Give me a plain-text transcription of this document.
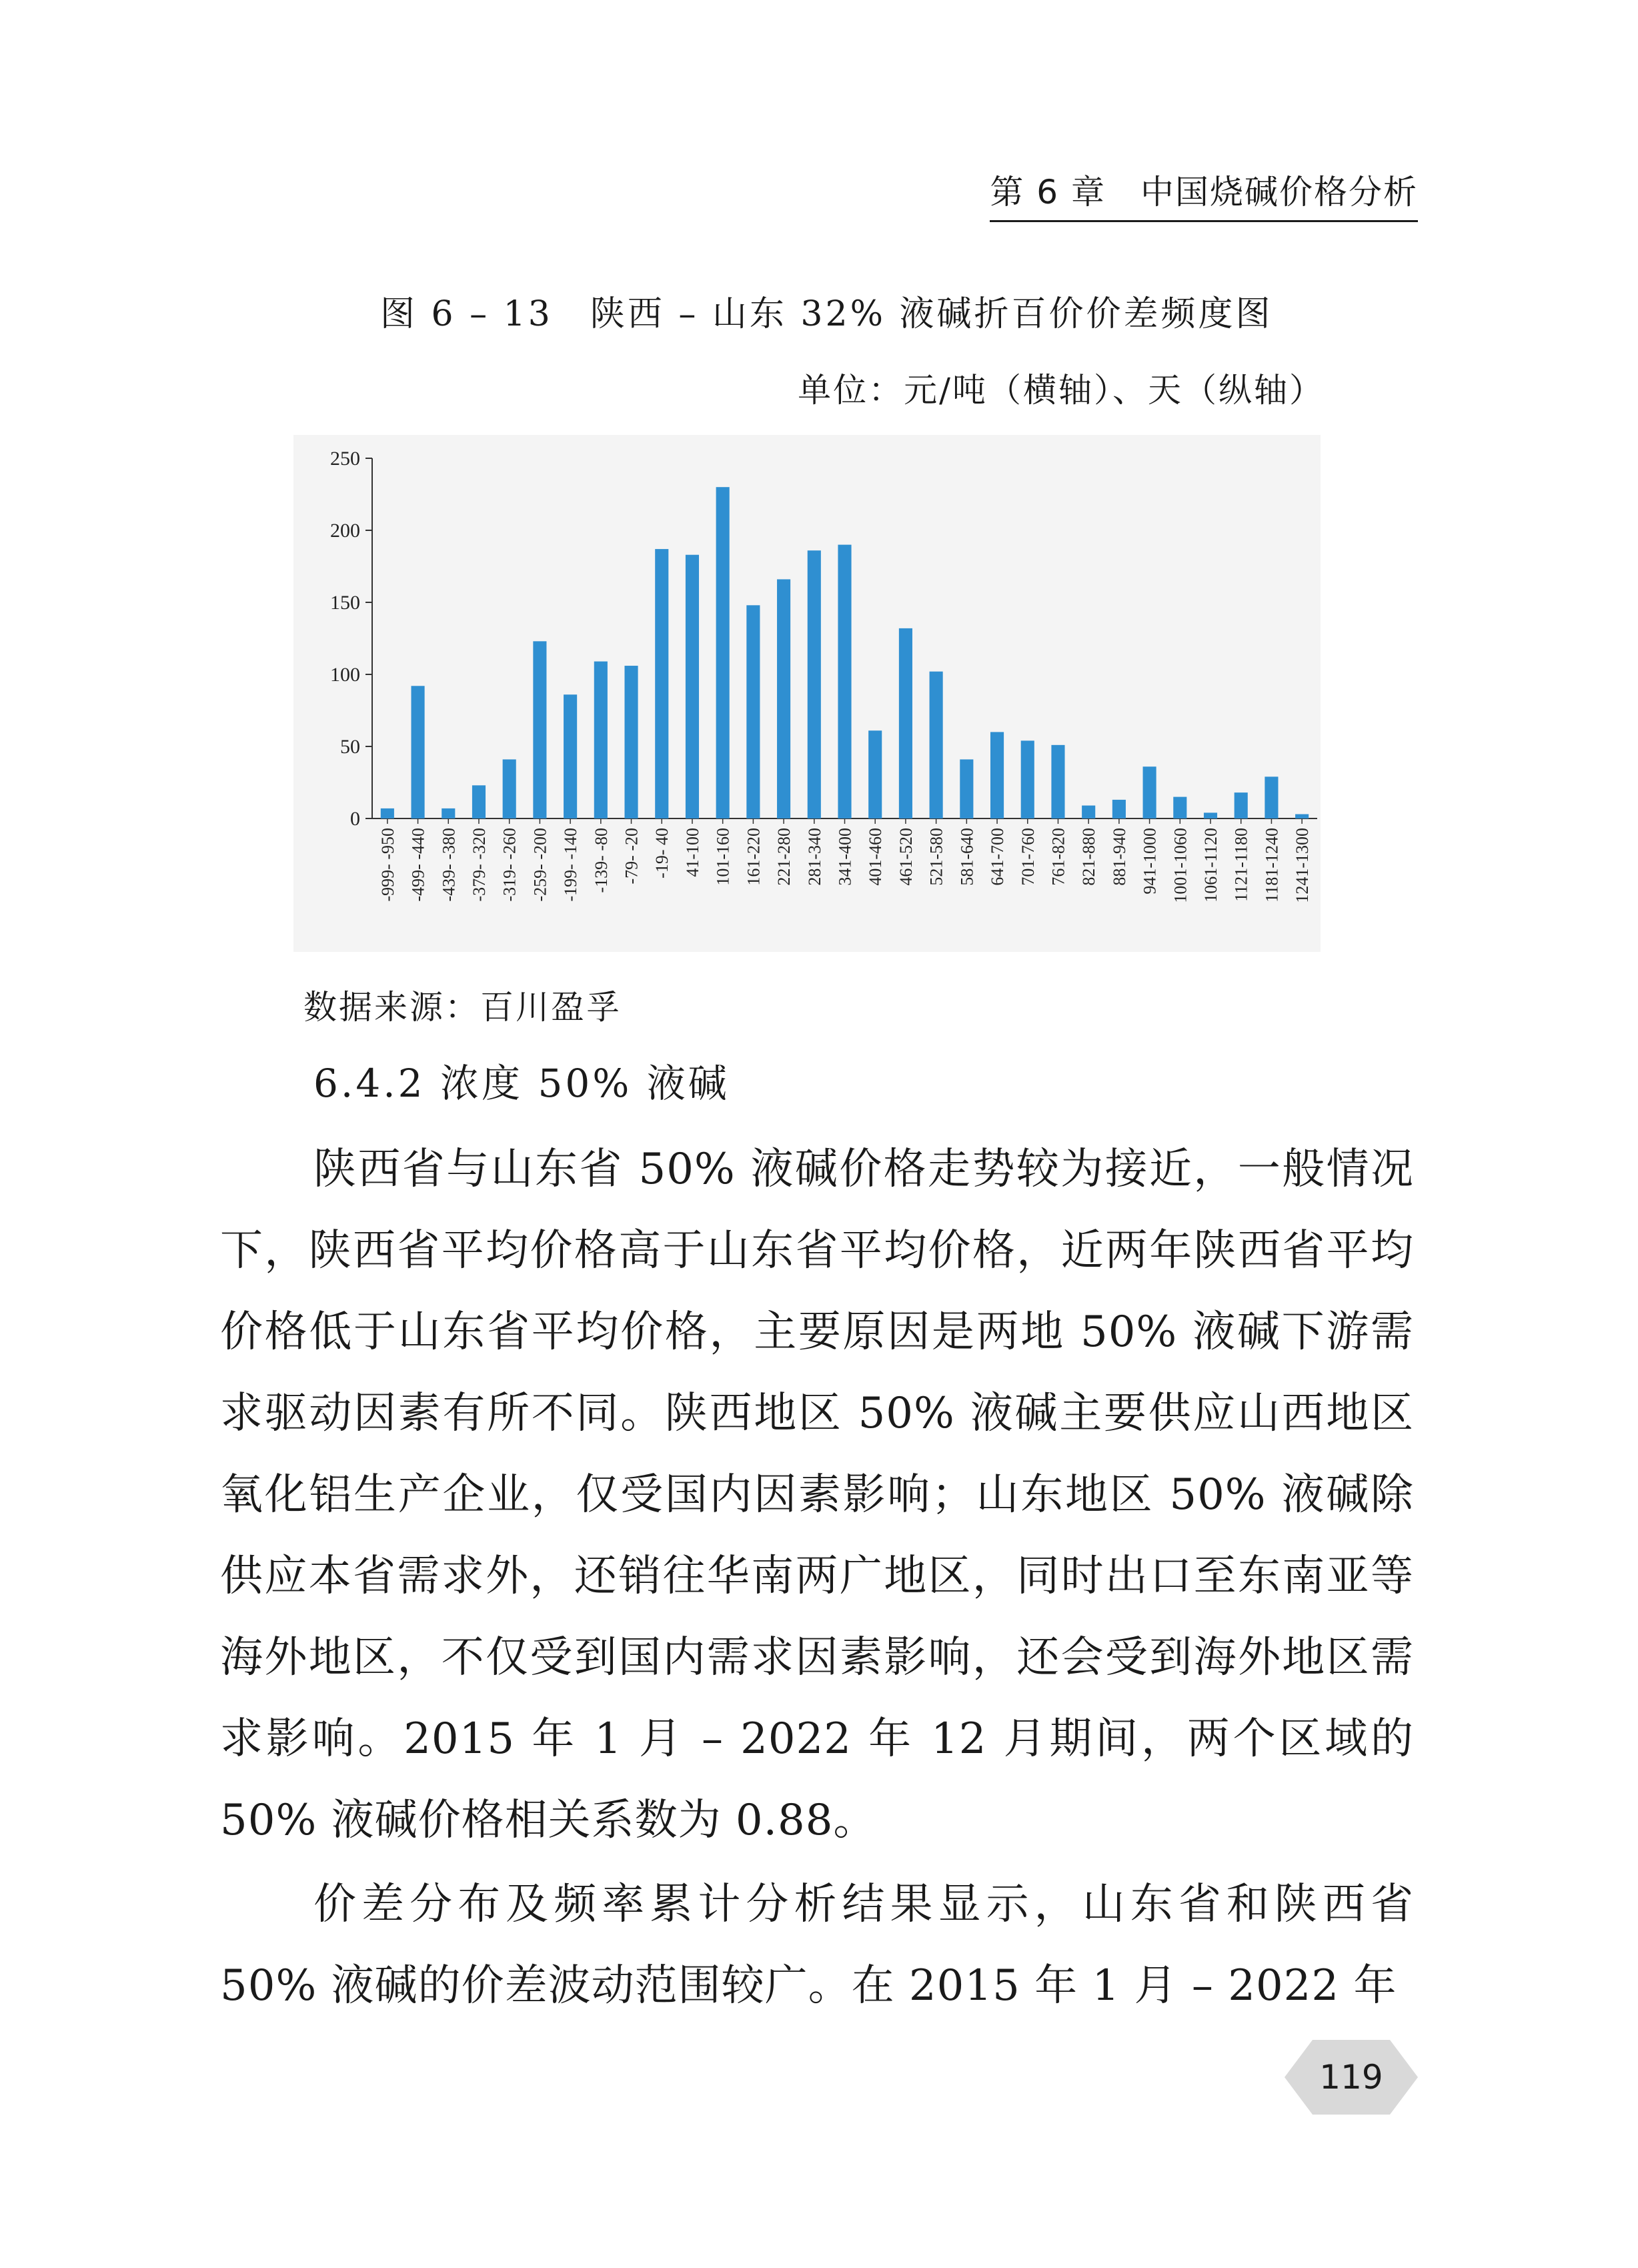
第 6 章　中国烧碱价格分析
图 6 – 13　陕西 – 山东 32% 液碱折百价价差频度图
单位：元/吨（横轴）、天（纵轴）
0
50
100
150
200
250
-999- -950 -499- -440 -439- -380 -379- -320 -319- -260 -259- -200 -199- -140 -139- -80 -79- -20 -19- 40 41-100 101-160 161-220 221-280 281-340 341-400 401-460 461-520 521-580 581-640 641-700 701-760 761-820 821-880 881-940 941-1000 1001-1060 1061-1120 1121-1180 1181-1240 1241-1300
数据来源：百川盈孚
6.4.2 浓度 50% 液碱

陕西省与山东省 50% 液碱价格走势较为接近，一般情况下，陕西省平均价格高于山东省平均价格，近两年陕西省平均价格低于山东省平均价格，主要原因是两地 50% 液碱下游需求驱动因素有所不同。陕西地区 50% 液碱主要供应山西地区氧化铝生产企业，仅受国内因素影响；山东地区 50% 液碱除供应本省需求外，还销往华南两广地区，同时出口至东南亚等海外地区，不仅受到国内需求因素影响，还会受到海外地区需求影响。2015 年 1 月 – 2022 年 12 月期间，两个区域的 50% 液碱价格相关系数为 0.88。

价差分布及频率累计分析结果显示，山东省和陕西省 50% 液碱的价差波动范围较广。在 2015 年 1 月 – 2022 年

119
